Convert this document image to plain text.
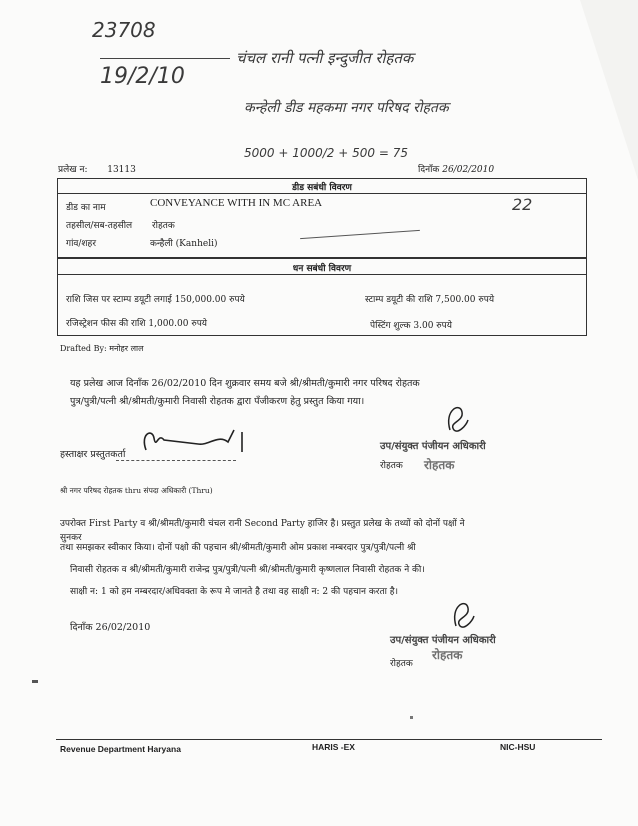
23708
19/2/10
चंचल रानी पत्नी इन्दुजीत रोहतक
कन्हेली डीड महकमा नगर परिषद रोहतक
5000 + 1000/2 + 500 = 75
22
प्रलेख न: 13113	दिनाँक 26/02/2010
डीड सबंधी विवरण
डीड का नाम	CONVEYANCE WITH IN MC AREA
तहसील/सब-तहसील रोहतक
गांव/शहर	कन्हैली (Kanheli)
धन सबंधी विवरण
राशि जिस पर स्टाम्प डयूटी लगाई 150,000.00 रुपये	स्टाम्प डयूटी की राशि 7,500.00 रुपये
रजिस्ट्रेशन फीस की राशि 1,000.00 रुपये	पेस्टिंग शुल्क 3.00 रुपये
Drafted By: मनोहर लाल
यह प्रलेख आज दिनाँक 26/02/2010 दिन शुक्रवार समय बजे श्री/श्रीमती/कुमारी नगर परिषद रोहतक
पुत्र/पुत्री/पत्नी श्री/श्रीमती/कुमारी निवासी रोहतक द्वारा पँजीकरण हेतु प्रस्तुत किया गया।
हस्ताक्षर प्रस्तुतकर्ता
उप/संयुक्त पंजीयन अधिकारी
रोहतक रोहतक
श्री नगर परिषद रोहतक thru संपदा अधिकारी (Thru)
उपरोक्त First Party व श्री/श्रीमती/कुमारी चंचल रानी Second Party हाजिर है। प्रस्तुत प्रलेख के तथ्यों को दोनों पक्षों ने
सुनकर
तथा समझकर स्वीकार किया। दोनों पक्षो की पहचान श्री/श्रीमती/कुमारी ओम प्रकाश नम्बरदार पुत्र/पुत्री/पत्नी श्री
निवासी रोहतक व श्री/श्रीमती/कुमारी राजेन्द्र पुत्र/पुत्री/पत्नी श्री/श्रीमती/कुमारी कृष्णलाल निवासी रोहतक ने की।
साक्षी न: 1 को हम नम्बरदार/अधिवक्ता के रूप मे जानते है तथा वह साक्षी न: 2 की पहचान करता है।
दिनाँक 26/02/2010
उप/संयुक्त पंजीयन अधिकारी
रोहतक
रोहतक
Revenue Department Haryana	HARIS -EX	NIC-HSU
